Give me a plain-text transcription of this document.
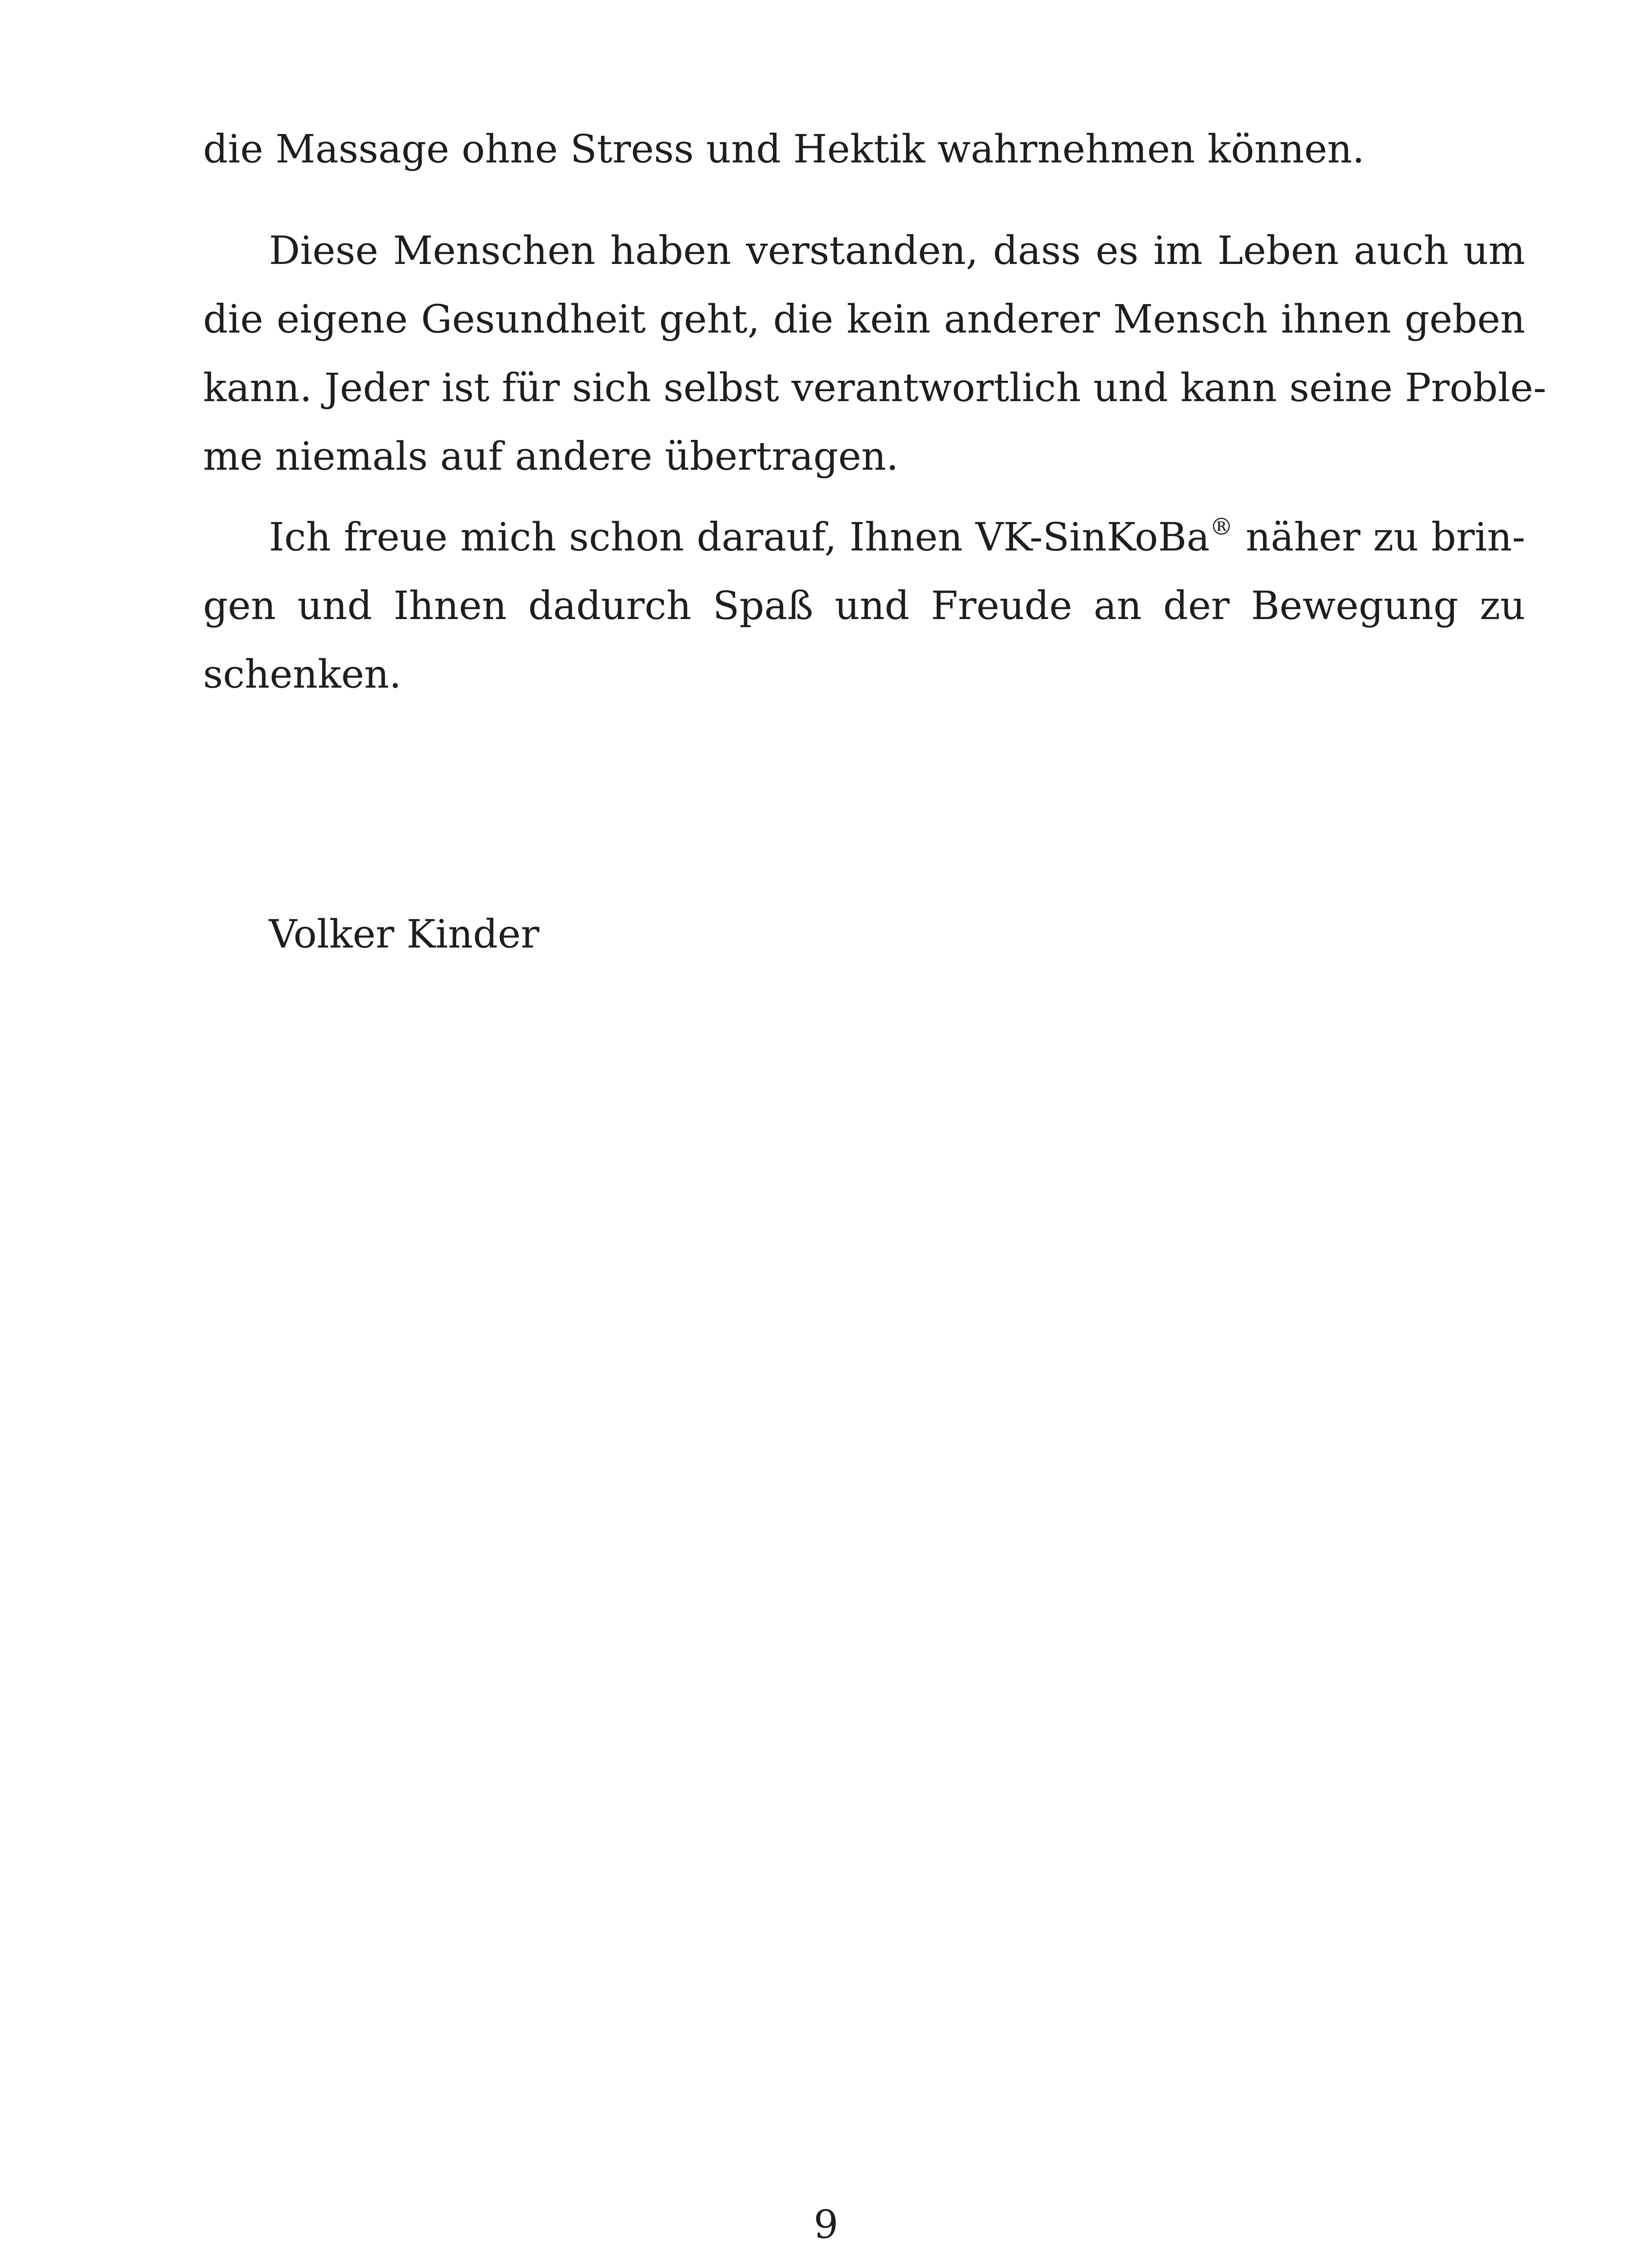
die Massage ohne Stress und Hektik wahrnehmen können.
Diese Menschen haben verstanden, dass es im Leben auch um
die eigene Gesundheit geht, die kein anderer Mensch ihnen geben
kann. Jeder ist für sich selbst verantwortlich und kann seine Proble-
me niemals auf andere übertragen.
Ich freue mich schon darauf, Ihnen VK-SinKoBa® näher zu brin-
gen und Ihnen dadurch Spaß und Freude an der Bewegung zu
schenken.
Volker Kinder
9
